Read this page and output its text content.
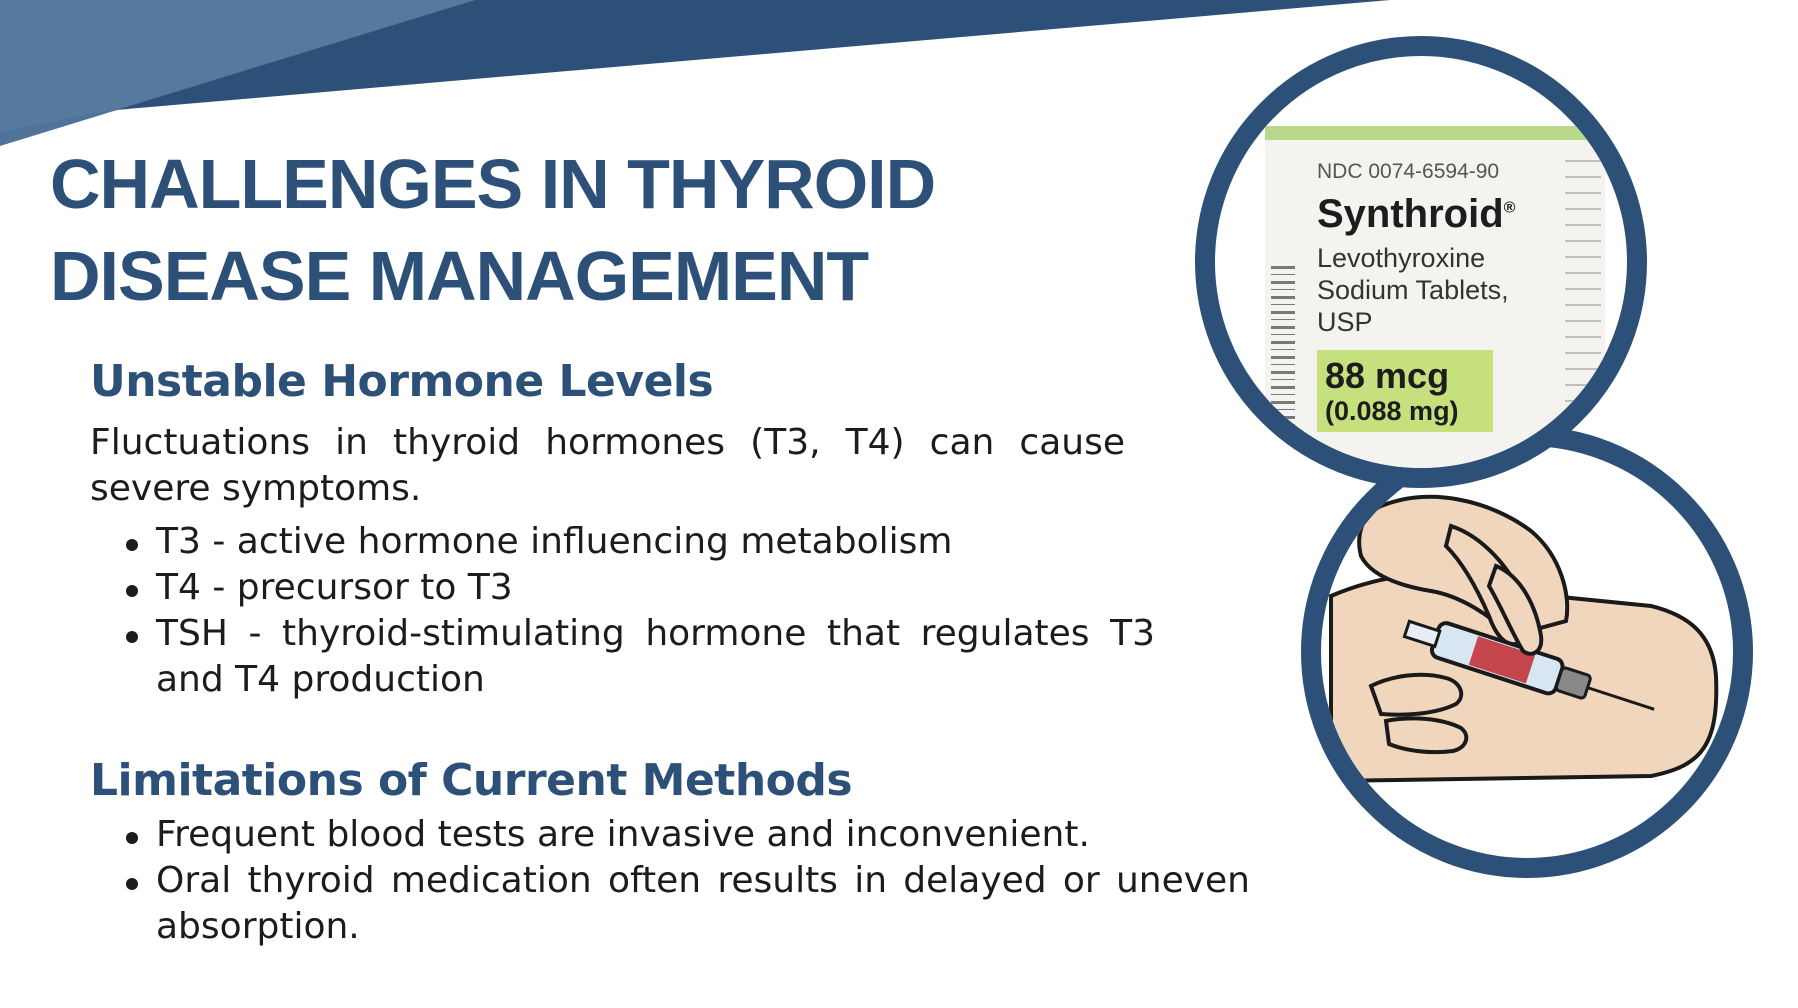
CHALLENGES IN THYROID DISEASE MANAGEMENT
Unstable Hormone Levels

Fluctuations in thyroid hormones (T3, T4) can cause severe symptoms.

T3 - active hormone influencing metabolism
T4 - precursor to T3
TSH - thyroid-stimulating hormone that regulates T3 and T4 production
Limitations of Current Methods
Frequent blood tests are invasive and inconvenient.
Oral thyroid medication often results in delayed or uneven absorption.
NDC 0074-6594-90
Synthroid®
Levothyroxine
Sodium Tablets,
USP
88 mcg
(0.088 mg)
